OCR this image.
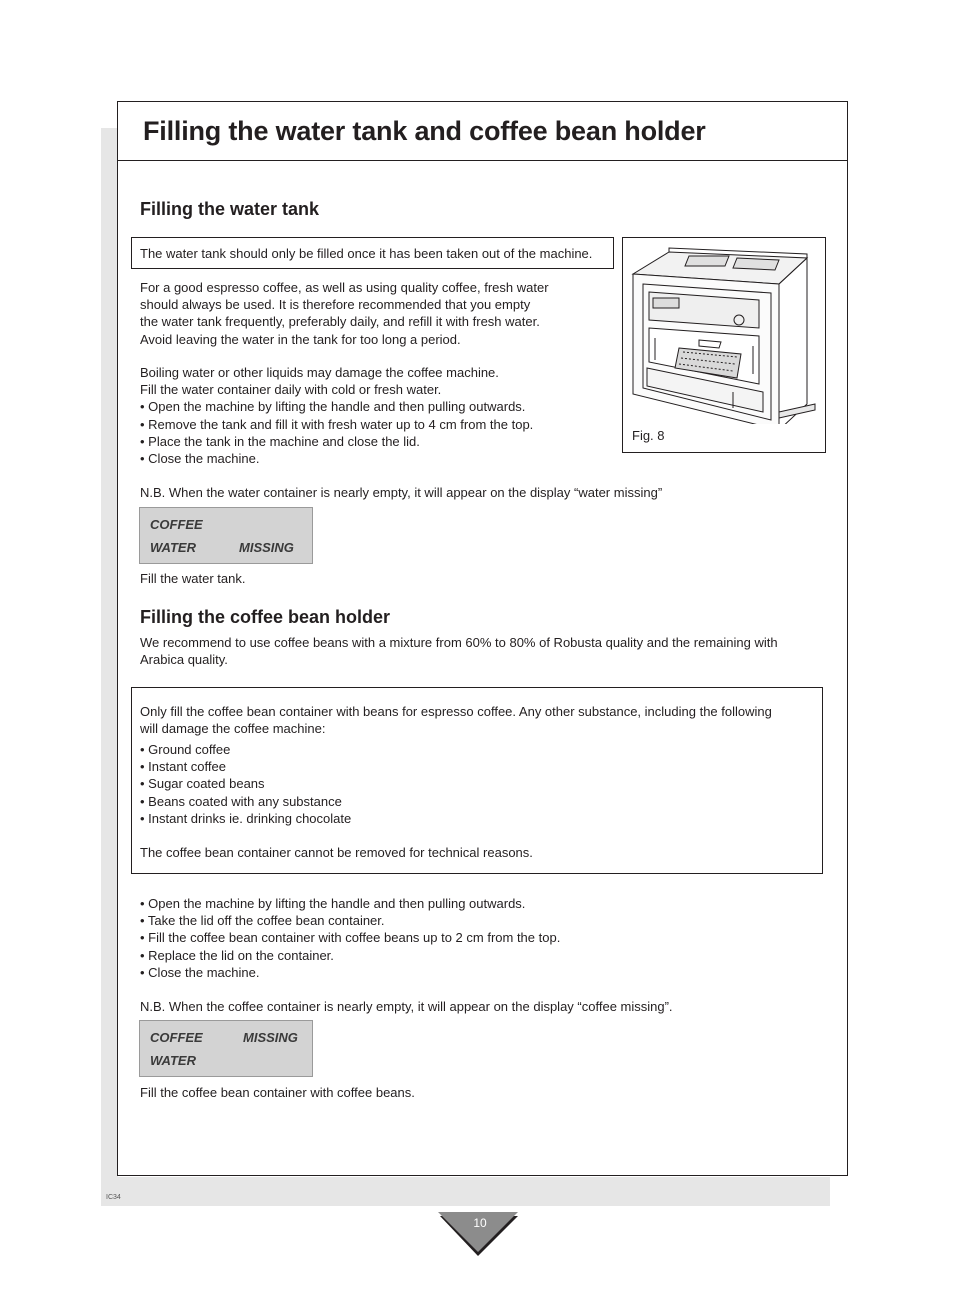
Filling the water tank and coffee bean holder
Filling the water tank

The water tank should only be filled once it has been taken out of the machine.

For a good espresso coffee, as well as using quality coffee, fresh water
should always be used. It is therefore recommended that you empty
the water tank frequently, preferably daily, and refill it with fresh water.
Avoid leaving the water in the tank for too long a period.

Boiling water or other liquids may damage the coffee machine.
Fill the water container daily with cold or fresh water.
• Open the machine by lifting the handle and then pulling outwards.
• Remove the tank and fill it with fresh water up to 4 cm from the top.
• Place the tank in the machine and close the lid.
• Close the machine.

N.B. When the water container is nearly empty, it will appear on the display “water missing”

COFFEE
WATER	MISSING

Fill the water tank.

Fig. 8
Filling the coffee bean holder

We recommend to use coffee beans with a mixture from 60% to 80% of Robusta quality and the remaining with
Arabica quality.

Only fill the coffee bean container with beans for espresso coffee. Any other substance, including the following
will damage the coffee machine:

• Ground coffee
• Instant coffee
• Sugar coated beans
• Beans coated with any substance
• Instant drinks ie. drinking chocolate

The coffee bean container cannot be removed for technical reasons.

• Open the machine by lifting the handle and then pulling outwards.
• Take the lid off the coffee bean container.
• Fill the coffee bean container with coffee beans up to 2 cm from the top.
• Replace the lid on the container.
• Close the machine.

N.B. When the coffee container is nearly empty, it will appear on the display “coffee missing”.

COFFEE	MISSING
WATER

Fill the coffee bean container with coffee beans.

IC34
10
